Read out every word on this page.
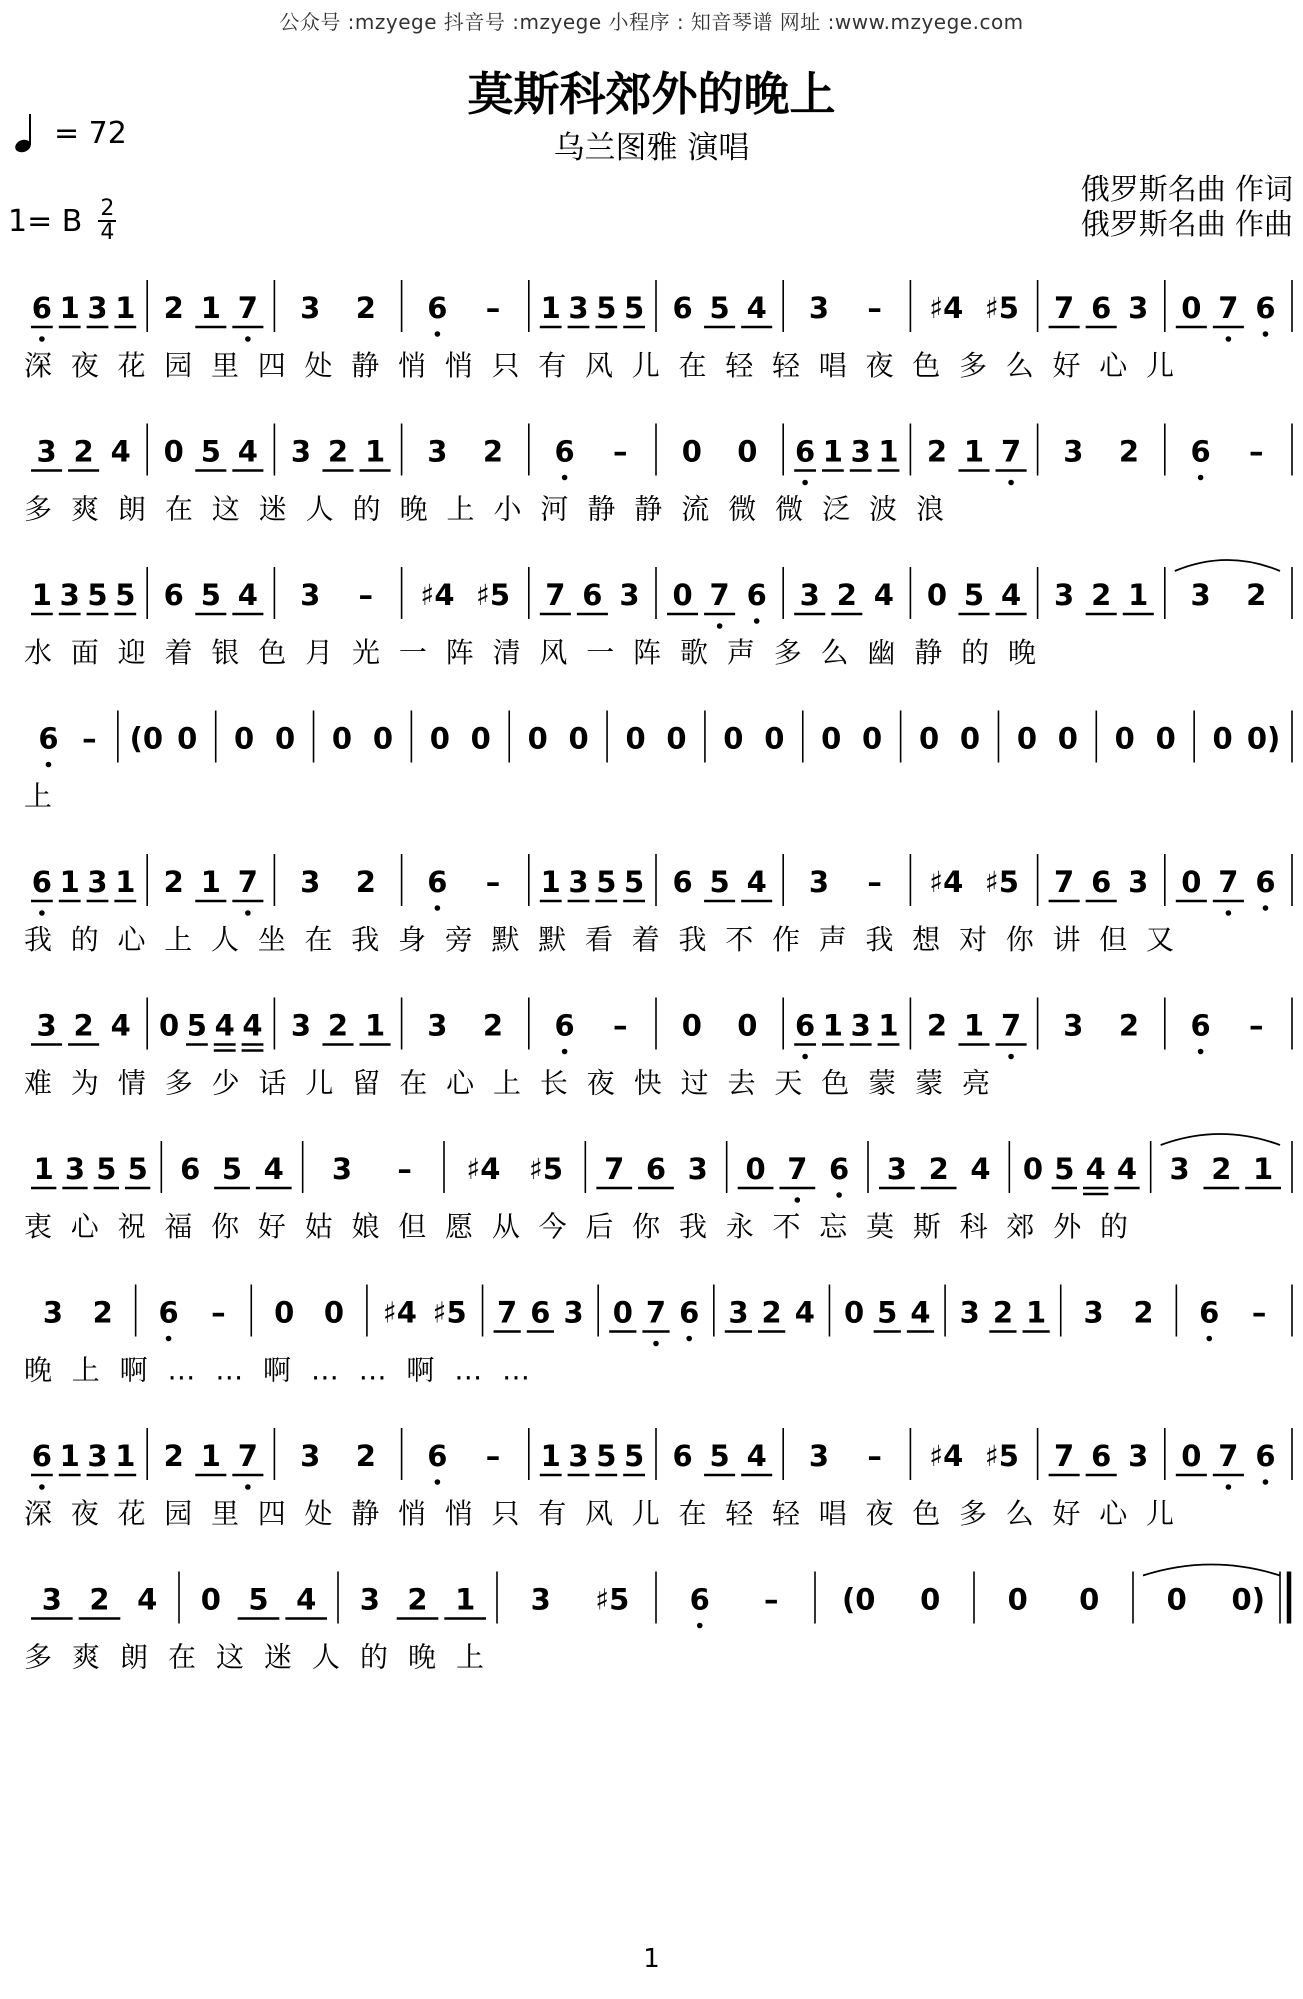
公众号 :mzyege 抖音号 :mzyege 小程序 : 知音琴谱 网址 :www.mzyege.com
莫斯科郊外的晚上
乌兰图雅 演唱
= 72
1= B $\frac{2}{4}$
俄罗斯名曲 作词
俄罗斯名曲 作曲
6 1 3 1 2 1 7 3 2 6 – 1 3 5 5 6 5 4 3 – ♯4 ♯5 7 6 3 0 7 6
深夜花园里四处静悄悄只有风儿在轻轻唱夜色多么好心儿
3 2 4 0 5 4 3 2 1 3 2 6 – 0 0 6 1 3 1 2 1 7 3 2 6 –
多爽朗在这迷人的晚上小河静静流微微泛波浪
1 3 5 5 6 5 4 3 – ♯4 ♯5 7 6 3 0 7 6 3 2 4 0 5 4 3 2 1 3 2
水面迎着银色月光一阵清风一阵歌声多么幽静的晚
6 – (0 0 0 0 0 0 0 0 0 0 0 0 0 0 0 0 0 0 0 0 0 0 0 0)
上
6 1 3 1 2 1 7 3 2 6 – 1 3 5 5 6 5 4 3 – ♯4 ♯5 7 6 3 0 7 6
我的心上人坐在我身旁默默看着我不作声我想对你讲但又
3 2 4 0 5 4 4 3 2 1 3 2 6 – 0 0 6 1 3 1 2 1 7 3 2 6 –
难为情多少话儿留在心上长夜快过去天色蒙蒙亮
1 3 5 5 6 5 4 3 – ♯4 ♯5 7 6 3 0 7 6 3 2 4 0 5 4 4 3 2 1
衷心祝福你好姑娘但愿从今后你我永不忘莫斯科郊外的
3 2 6 – 0 0 ♯4 ♯5 7 6 3 0 7 6 3 2 4 0 5 4 3 2 1 3 2 6 –
晚上啊……啊……啊……
6 1 3 1 2 1 7 3 2 6 – 1 3 5 5 6 5 4 3 – ♯4 ♯5 7 6 3 0 7 6
深夜花园里四处静悄悄只有风儿在轻轻唱夜色多么好心儿
3 2 4 0 5 4 3 2 1 3 ♯5 6 – (0 0 0 0 0 0)
多爽朗在这迷人的晚上
1
